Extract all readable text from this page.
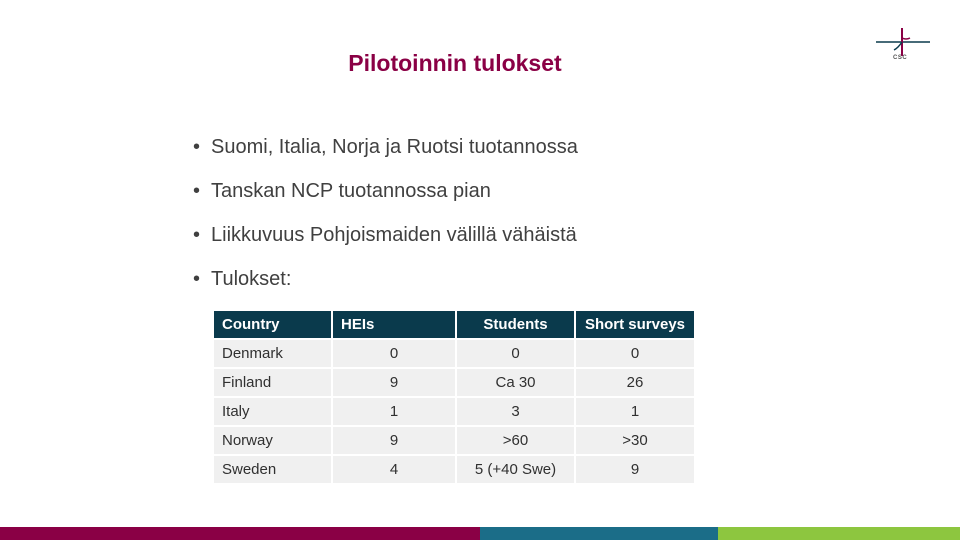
Pilotoinnin tulokset	CSC
• Suomi, Italia, Norja ja Ruotsi tuotannossa
• Tanskan NCP tuotannossa pian
• Liikkuvuus Pohjoismaiden välillä vähäistä
• Tulokset:
Country	HEIs	Students	Short surveys
Denmark	0	0	0
Finland	9	Ca 30	26
Italy	1	3	1
Norway	9	>60	>30
Sweden	4	5 (+40 Swe)	9
